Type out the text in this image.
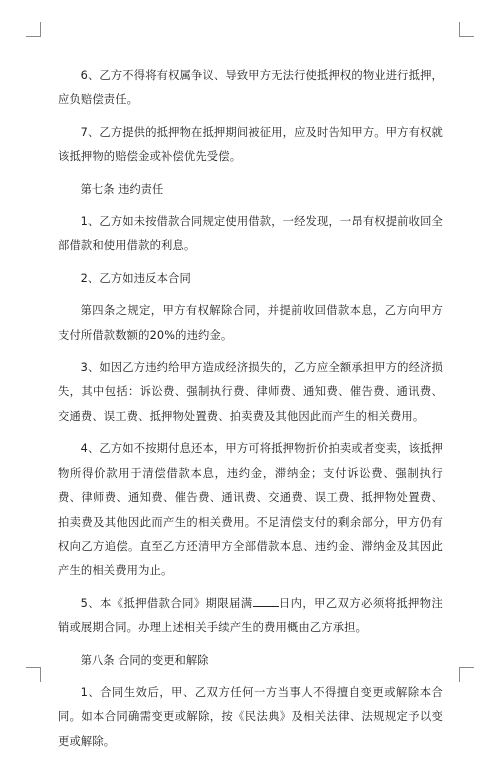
6、乙方不得将有权属争议、导致甲方无法行使抵押权的物业进行抵押，应负赔偿责任。

7、乙方提供的抵押物在抵押期间被征用，应及时告知甲方。甲方有权就该抵押物的赔偿金或补偿优先受偿。

第七条 违约责任

1、乙方如未按借款合同规定使用借款，一经发现，一昂有权提前收回全部借款和使用借款的利息。

2、乙方如违反本合同

第四条之规定，甲方有权解除合同，并提前收回借款本息，乙方向甲方支付所借款数额的20%的违约金。

3、如因乙方违约给甲方造成经济损失的，乙方应全额承担甲方的经济损失，其中包括：诉讼费、强制执行费、律师费、通知费、催告费、通讯费、交通费、误工费、抵押物处置费、拍卖费及其他因此而产生的相关费用。

4、乙方如不按期付息还本，甲方可将抵押物折价拍卖或者变卖，该抵押物所得价款用于清偿借款本息，违约金，滞纳金；支付诉讼费、强制执行费、律师费、通知费、催告费、通讯费、交通费、误工费、抵押物处置费、拍卖费及其他因此而产生的相关费用。不足清偿支付的剩余部分，甲方仍有权向乙方追偿。直至乙方还清甲方全部借款本息、违约金、滞纳金及其因此产生的相关费用为止。

5、本《抵押借款合同》期限届满 日内，甲乙双方必须将抵押物注销或展期合同。办理上述相关手续产生的费用概由乙方承担。

第八条 合同的变更和解除

1、合同生效后，甲、乙双方任何一方当事人不得擅自变更或解除本合同。如本合同确需变更或解除，按《民法典》及相关法律、法规规定予以变更或解除。
